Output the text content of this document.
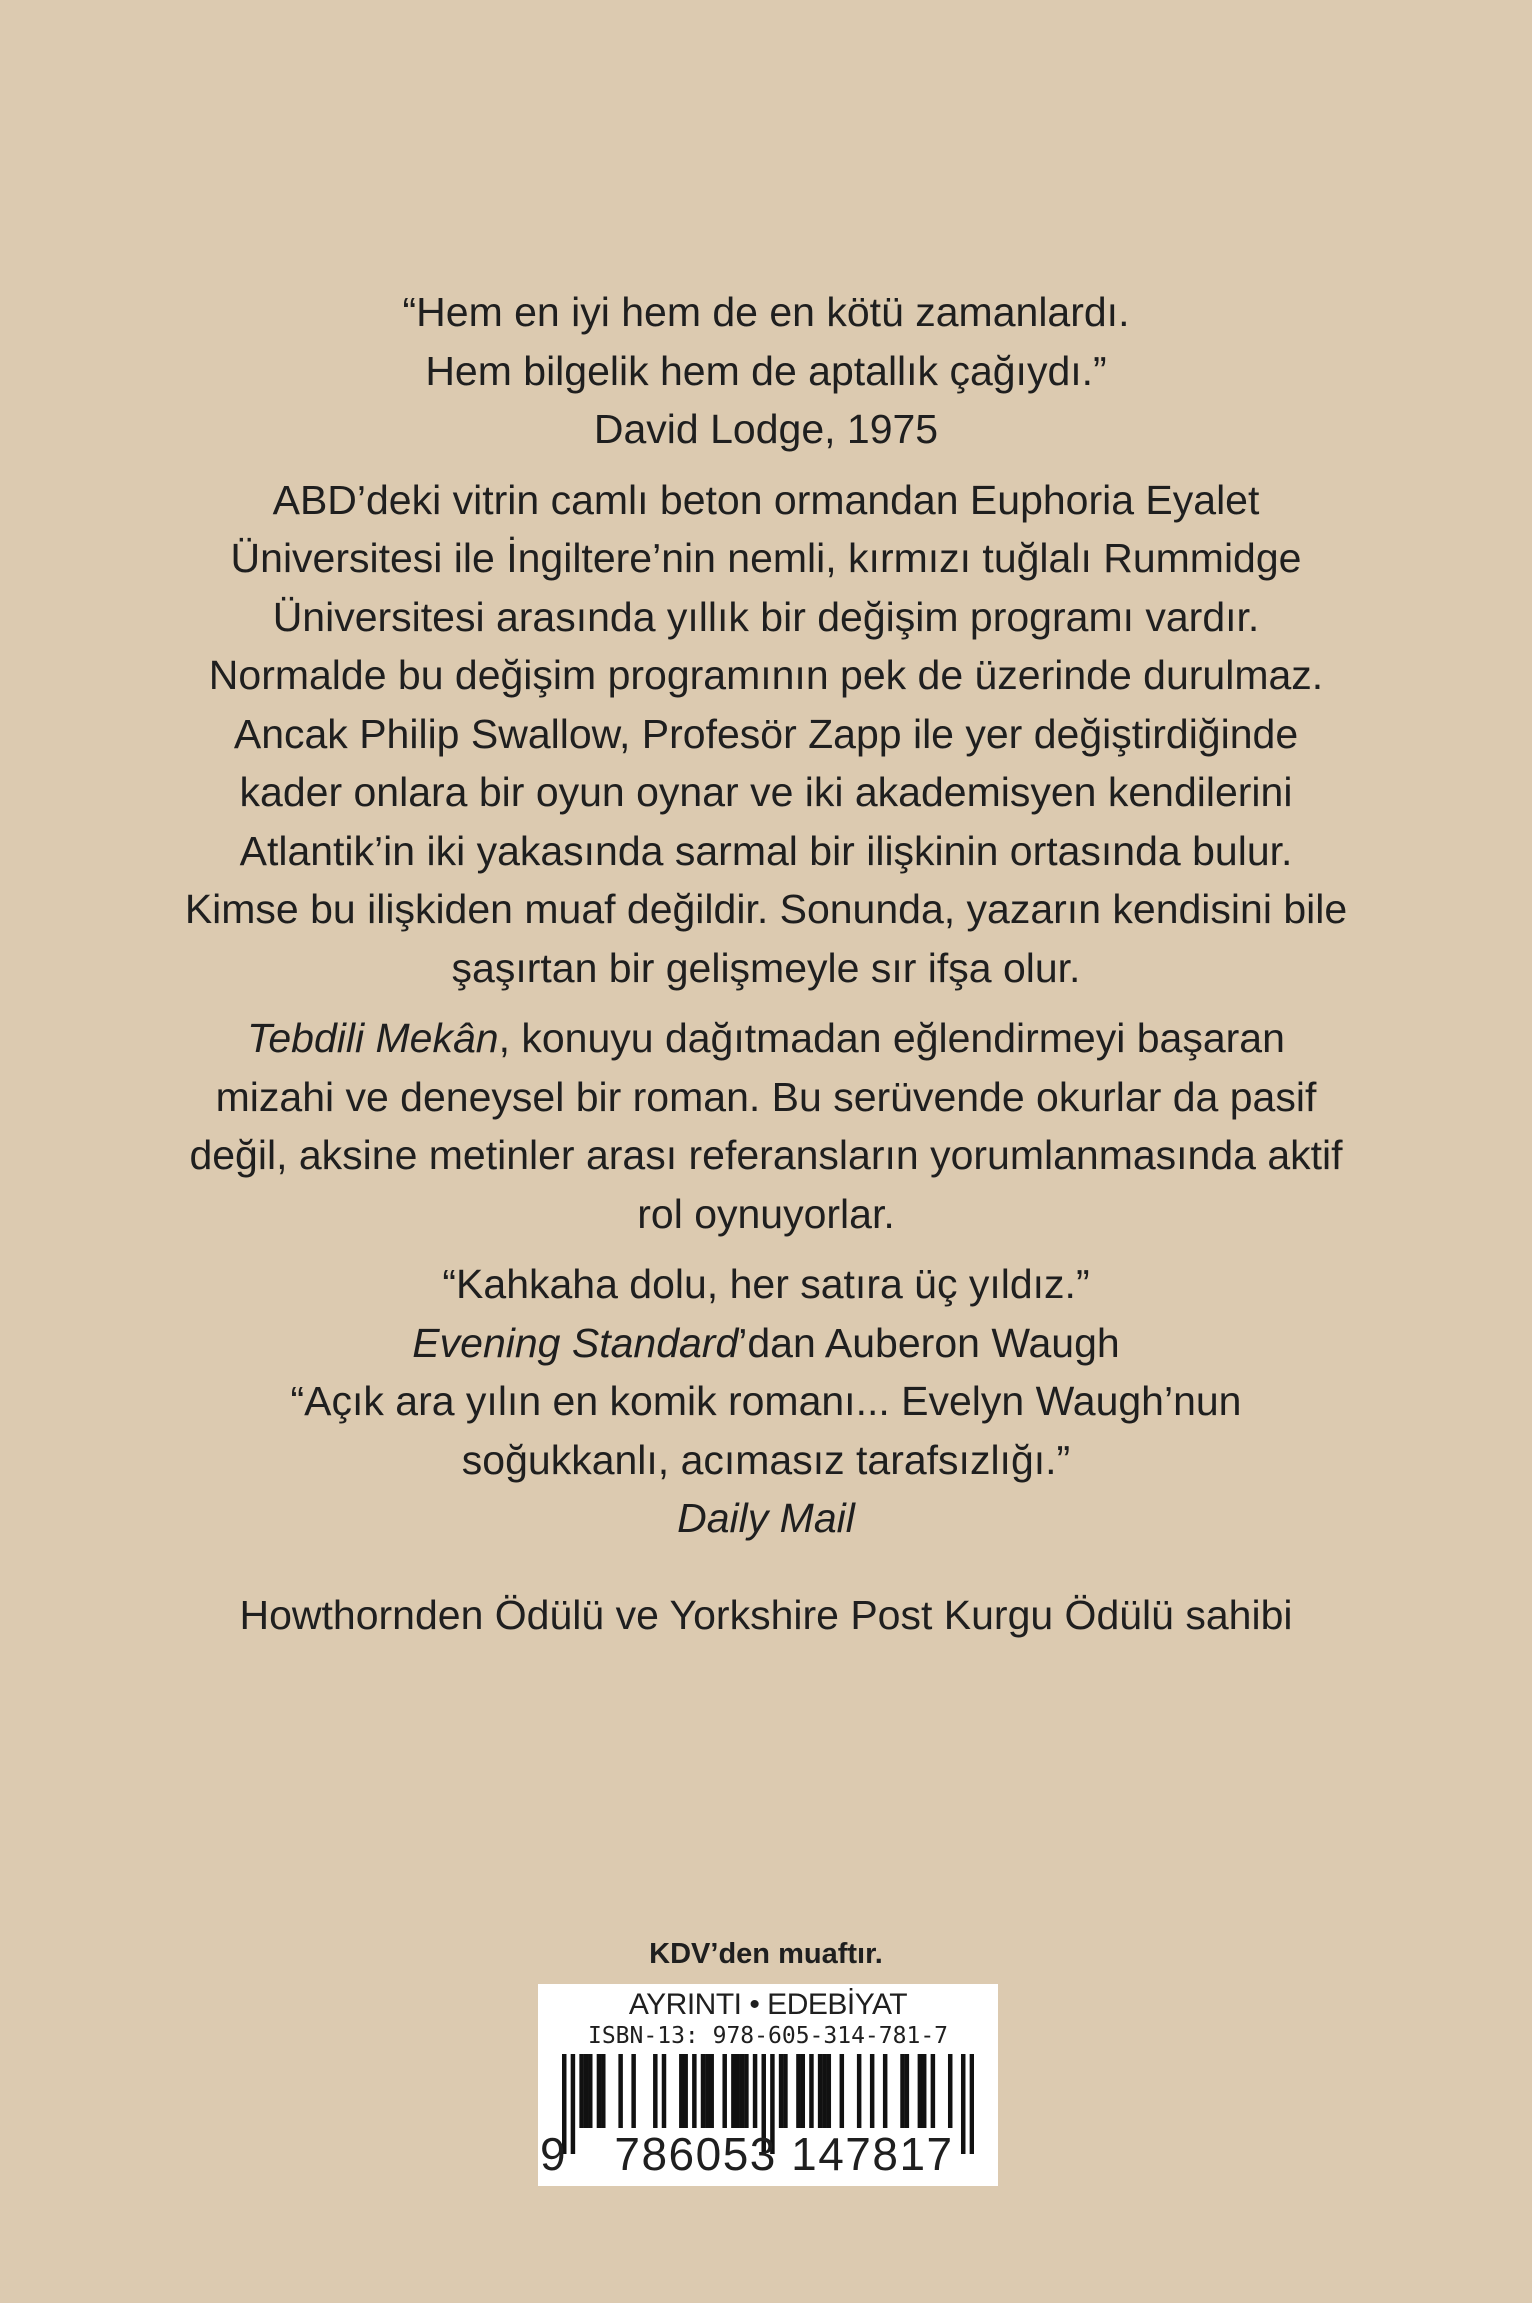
“Hem en iyi hem de en kötü zamanlardı.

Hem bilgelik hem de aptallık çağıydı.”

David Lodge, 1975

ABD’deki vitrin camlı beton ormandan Euphoria Eyalet

Üniversitesi ile İngiltere’nin nemli, kırmızı tuğlalı Rummidge

Üniversitesi arasında yıllık bir değişim programı vardır.

Normalde bu değişim programının pek de üzerinde durulmaz.

Ancak Philip Swallow, Profesör Zapp ile yer değiştirdiğinde

kader onlara bir oyun oynar ve iki akademisyen kendilerini

Atlantik’in iki yakasında sarmal bir ilişkinin ortasında bulur.

Kimse bu ilişkiden muaf değildir. Sonunda, yazarın kendisini bile

şaşırtan bir gelişmeyle sır ifşa olur.

Tebdili Mekân, konuyu dağıtmadan eğlendirmeyi başaran

mizahi ve deneysel bir roman. Bu serüvende okurlar da pasif

değil, aksine metinler arası referansların yorumlanmasında aktif

rol oynuyorlar.

“Kahkaha dolu, her satıra üç yıldız.”

Evening Standard’dan Auberon Waugh

“Açık ara yılın en komik romanı... Evelyn Waugh’nun

soğukkanlı, acımasız tarafsızlığı.”

Daily Mail

Howthornden Ödülü ve Yorkshire Post Kurgu Ödülü sahibi

KDV’den muaftır.
AYRINTI • EDEBİYAT
ISBN-13: 978-605-314-781-7
9	786053 147817
